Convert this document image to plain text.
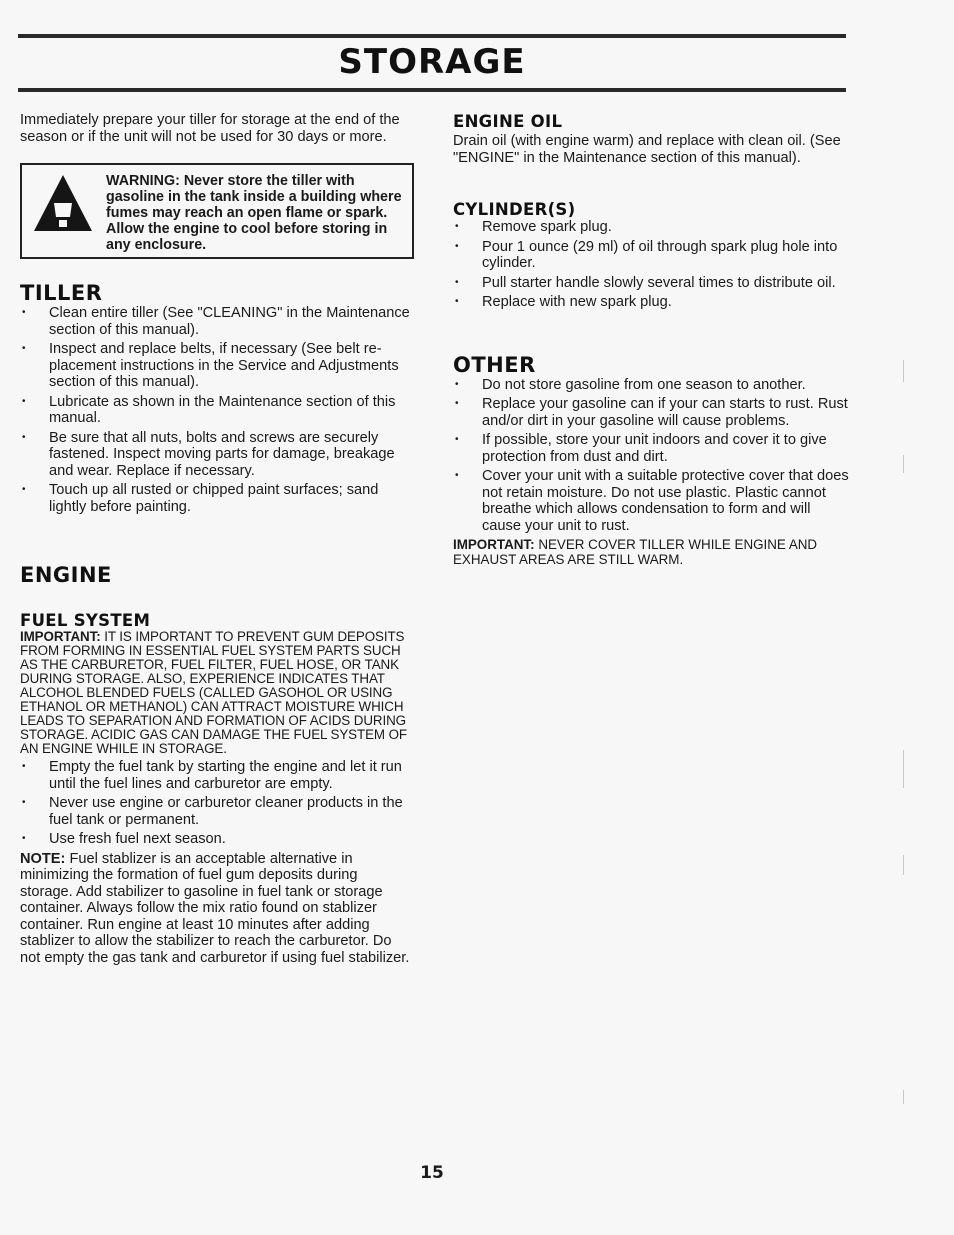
STORAGE

Immediately prepare your tiller for storage at the end of the season or if the unit will not be used for 30 days or more.

WARNING: Never store the tiller with gasoline in the tank inside a building where fumes may reach an open flame or spark. Allow the engine to cool before storing in any enclosure.
TILLER
• Clean entire tiller (See "CLEANING" in the Maintenance section of this manual).
• Inspect and replace belts, if necessary (See belt re-placement instructions in the Service and Adjustments section of this manual).
• Lubricate as shown in the Maintenance section of this manual.
• Be sure that all nuts, bolts and screws are securely fastened. Inspect moving parts for damage, breakage and wear. Replace if necessary.
• Touch up all rusted or chipped paint surfaces; sand lightly before painting.
ENGINE
FUEL SYSTEM

IMPORTANT: IT IS IMPORTANT TO PREVENT GUM DEPOSITS FROM FORMING IN ESSENTIAL FUEL SYSTEM PARTS SUCH AS THE CARBURETOR, FUEL FILTER, FUEL HOSE, OR TANK DURING STORAGE. ALSO, EXPERIENCE INDICATES THAT ALCOHOL BLENDED FUELS (CALLED GASOHOL OR USING ETHANOL OR METHANOL) CAN ATTRACT MOISTURE WHICH LEADS TO SEPARATION AND FORMATION OF ACIDS DURING STORAGE. ACIDIC GAS CAN DAMAGE THE FUEL SYSTEM OF AN ENGINE WHILE IN STORAGE.

• Empty the fuel tank by starting the engine and let it run until the fuel lines and carburetor are empty.
• Never use engine or carburetor cleaner products in the fuel tank or permanent.
• Use fresh fuel next season.

NOTE: Fuel stablizer is an acceptable alternative in minimizing the formation of fuel gum deposits during storage. Add stabilizer to gasoline in fuel tank or storage container. Always follow the mix ratio found on stablizer container. Run engine at least 10 minutes after adding stablizer to allow the stabilizer to reach the carburetor. Do not empty the gas tank and carburetor if using fuel stabilizer.

ENGINE OIL

Drain oil (with engine warm) and replace with clean oil. (See "ENGINE" in the Maintenance section of this manual).

CYLINDER(S)
• Remove spark plug.
• Pour 1 ounce (29 ml) of oil through spark plug hole into cylinder.
• Pull starter handle slowly several times to distribute oil.
• Replace with new spark plug.
OTHER
• Do not store gasoline from one season to another.
• Replace your gasoline can if your can starts to rust. Rust and/or dirt in your gasoline will cause problems.
• If possible, store your unit indoors and cover it to give protection from dust and dirt.
• Cover your unit with a suitable protective cover that does not retain moisture. Do not use plastic. Plastic cannot breathe which allows condensation to form and will cause your unit to rust.

IMPORTANT: NEVER COVER TILLER WHILE ENGINE AND EXHAUST AREAS ARE STILL WARM.

15
